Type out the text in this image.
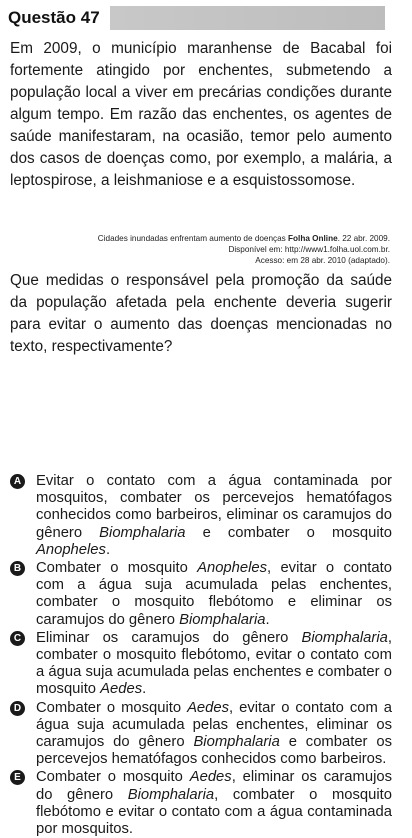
Questão 47
Em 2009, o município maranhense de Bacabal foi fortemente atingido por enchentes, submetendo a população local a viver em precárias condições durante algum tempo. Em razão das enchentes, os agentes de saúde manifestaram, na ocasião, temor pelo aumento dos casos de doenças como, por exemplo, a malária, a leptospirose, a leishmaniose e a esquistossomose.
Cidades inundadas enfrentam aumento de doenças Folha Online. 22 abr. 2009.
Disponível em: http://www1.folha.uol.com.br.
Acesso: em 28 abr. 2010 (adaptado).
Que medidas o responsável pela promoção da saúde da população afetada pela enchente deveria sugerir para evitar o aumento das doenças mencionadas no texto, respectivamente?
A Evitar o contato com a água contaminada por mosquitos, combater os percevejos hematófagos conhecidos como barbeiros, eliminar os caramujos do gênero Biomphalaria e combater o mosquito Anopheles.
B Combater o mosquito Anopheles, evitar o contato com a água suja acumulada pelas enchentes, combater o mosquito flebótomo e eliminar os caramujos do gênero Biomphalaria.
C Eliminar os caramujos do gênero Biomphalaria, combater o mosquito flebótomo, evitar o contato com a água suja acumulada pelas enchentes e combater o mosquito Aedes.
D Combater o mosquito Aedes, evitar o contato com a água suja acumulada pelas enchentes, eliminar os caramujos do gênero Biomphalaria e combater os percevejos hematófagos conhecidos como barbeiros.
E Combater o mosquito Aedes, eliminar os caramujos do gênero Biomphalaria, combater o mosquito flebótomo e evitar o contato com a água contaminada por mosquitos.
